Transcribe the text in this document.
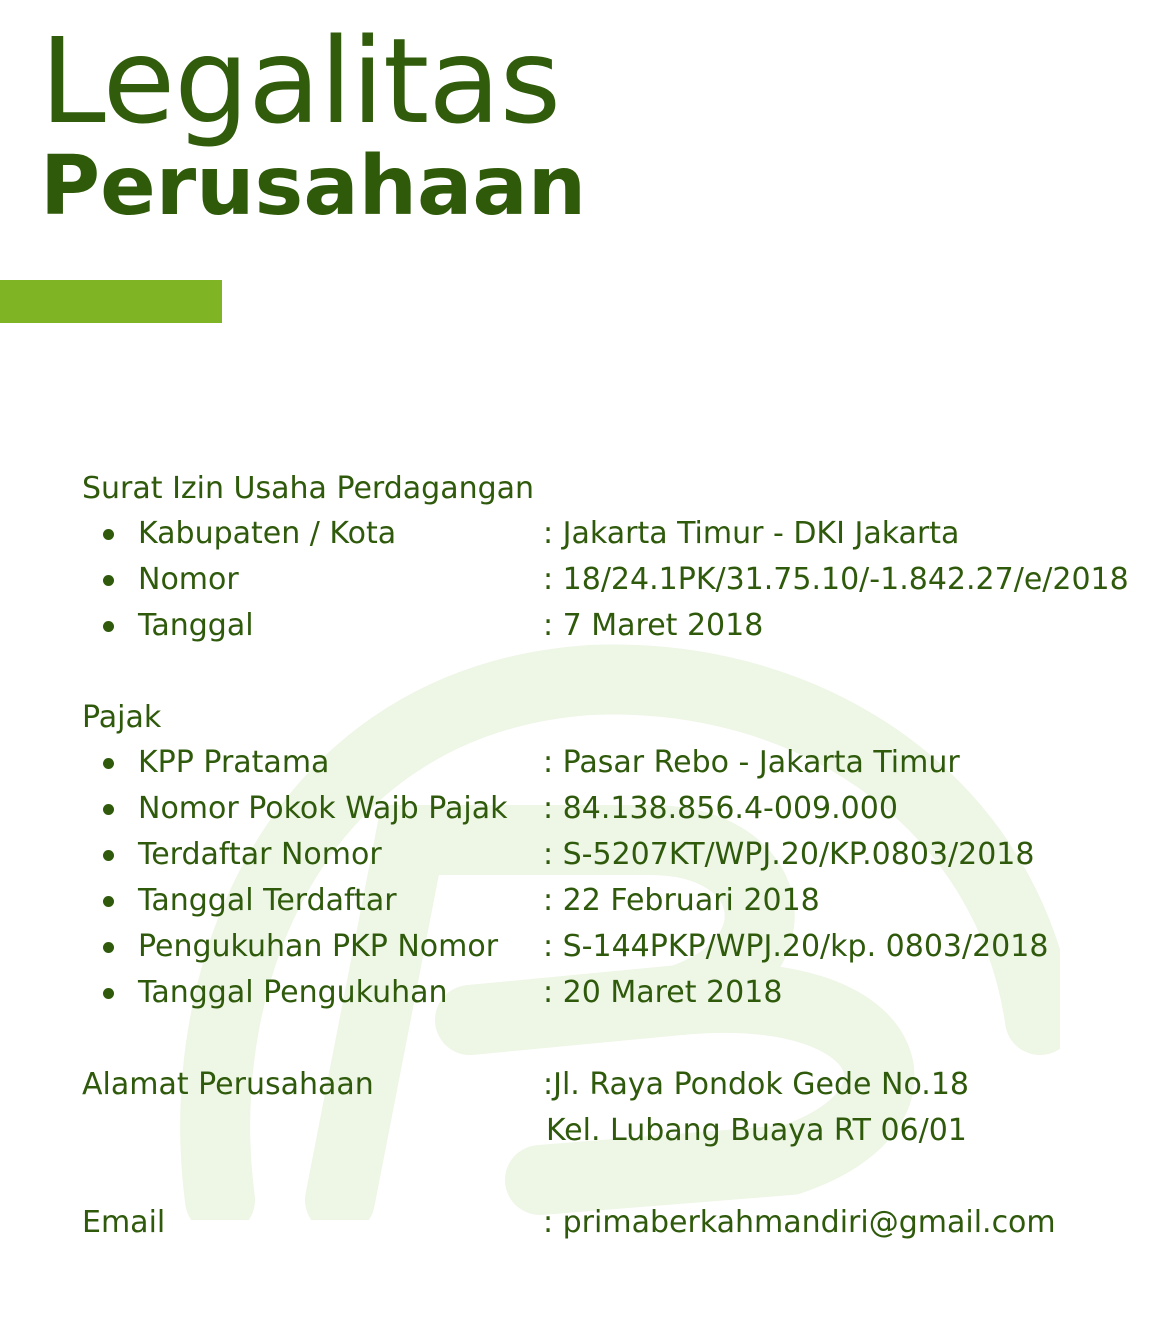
Legalitas
Perusahaan
Surat Izin Usaha Perdagangan
Kabupaten / Kota	: Jakarta Timur - DKI Jakarta
Nomor	: 18/24.1PK/31.75.10/-1.842.27/e/2018
Tanggal	: 7 Maret 2018
Pajak
KPP Pratama	: Pasar Rebo - Jakarta Timur
Nomor Pokok Wajb Pajak : 84.138.856.4-009.000
Terdaftar Nomor	: S-5207KT/WPJ.20/KP.0803/2018
Tanggal Terdaftar	: 22 Februari 2018
Pengukuhan PKP Nomor : S-144PKP/WPJ.20/kp. 0803/2018
Tanggal Pengukuhan	: 20 Maret 2018
Alamat Perusahaan	:Jl. Raya Pondok Gede No.18
Kel. Lubang Buaya RT 06/01
Email	: primaberkahmandiri@gmail.com
